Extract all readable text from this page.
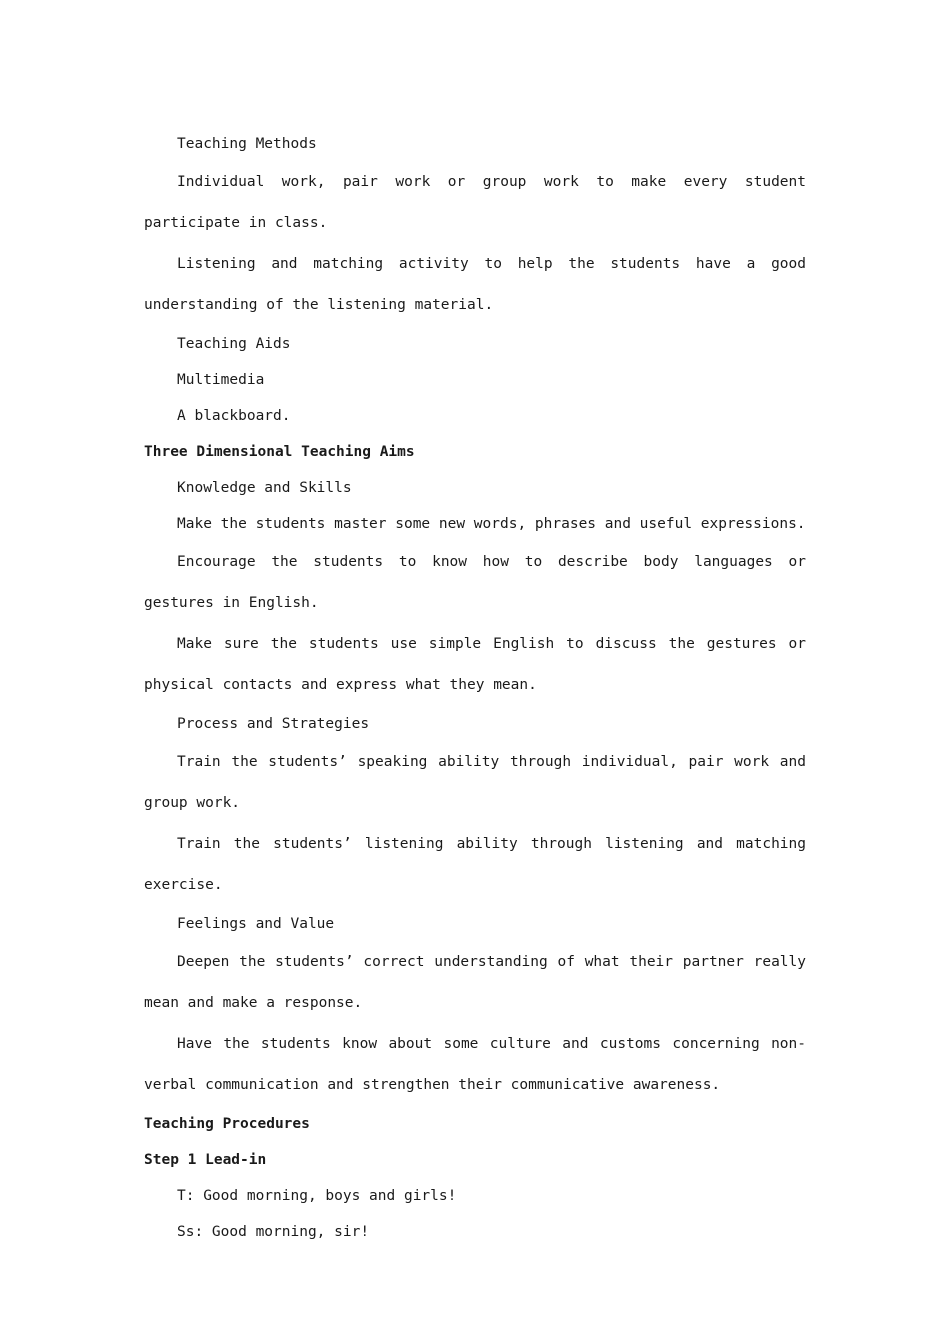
Teaching Methods

Individual work, pair work or group work to make every student participate in class.

Listening and matching activity to help the students have a good understanding of the listening material.

Teaching Aids

Multimedia

A blackboard.

Three Dimensional Teaching Aims

Knowledge and Skills

Make the students master some new words, phrases and useful expressions.

Encourage the students to know how to describe body languages or gestures in English.

Make sure the students use simple English to discuss the gestures or physical contacts and express what they mean.

Process and Strategies

Train the students’ speaking ability through individual, pair work and group work.

Train the students’ listening ability through listening and matching exercise.

Feelings and Value

Deepen the students’ correct understanding of what their partner really mean and make a response.

Have the students know about some culture and customs concerning non-verbal communication and strengthen their communicative awareness.

Teaching Procedures

Step 1 Lead-in

T: Good morning, boys and girls!

Ss: Good morning, sir!
